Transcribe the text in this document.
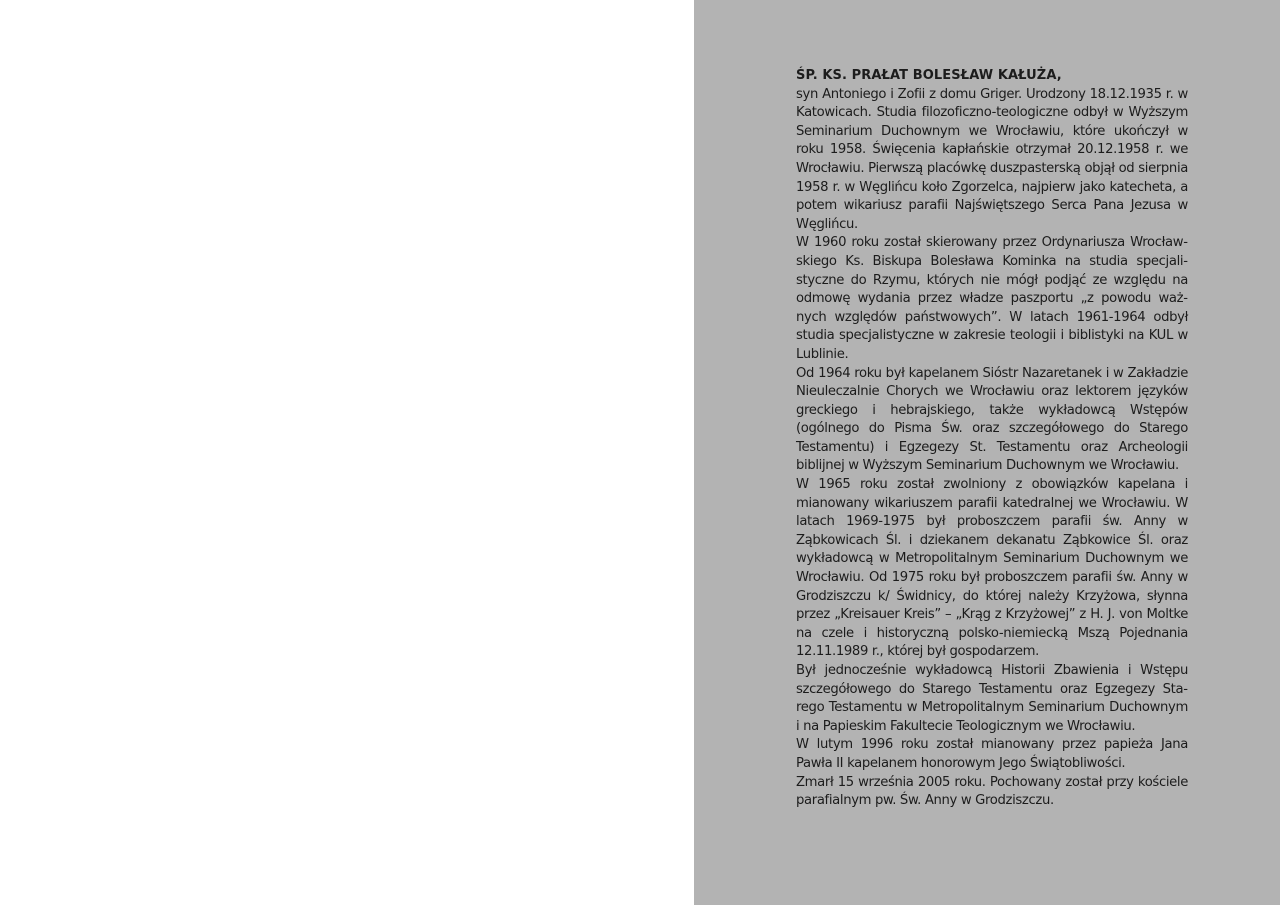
ŚP. KS. PRAŁAT BOLESŁAW KAŁUŻA,

syn Antoniego i Zofii z domu Griger. Urodzony 18.12.1935 r. w Katowicach. Studia filozoficzno-teologiczne odbył w Wyższym Seminarium Duchownym we Wrocławiu, które ukończył w roku 1958. Święcenia kapłańskie otrzymał 20.12.1958 r. we Wrocławiu. Pierwszą placówkę duszpasterską objął od sierpnia 1958 r. w Węglińcu koło Zgorzelca, najpierw jako katecheta, a potem wikariusz parafii Najświętszego Serca Pana Jezusa w Węglińcu.

W 1960 roku został skierowany przez Ordynariusza Wrocławskiego Ks. Biskupa Bolesława Kominka na studia specjalistyczne do Rzymu, których nie mógł podjąć ze względu na odmowę wydania przez władze paszportu „z powodu ważnych względów państwowych”. W latach 1961-1964 odbył studia specjalistyczne w zakresie teologii i biblistyki na KUL w Lublinie.

Od 1964 roku był kapelanem Sióstr Nazaretanek i w Zakładzie Nieuleczalnie Chorych we Wrocławiu oraz lektorem języków greckiego i hebrajskiego, także wykładowcą Wstępów (ogólnego do Pisma Św. oraz szczegółowego do Starego Testamentu) i Egzegezy St. Testamentu oraz Archeologii biblijnej w Wyższym Seminarium Duchownym we Wrocławiu.

W 1965 roku został zwolniony z obowiązków kapelana i mianowany wikariuszem parafii katedralnej we Wrocławiu. W latach 1969-1975 był proboszczem parafii św. Anny w Ząbkowicach Śl. i dziekanem dekanatu Ząbkowice Śl. oraz wykładowcą w Metropolitalnym Seminarium Duchownym we Wrocławiu. Od 1975 roku był proboszczem parafii św. Anny w Grodziszczu k/ Świdnicy, do której należy Krzyżowa, słynna przez „Kreisauer Kreis” – „Krąg z Krzyżowej” z H. J. von Moltke na czele i historyczną polsko-niemiecką Mszą Pojednania 12.11.1989 r., której był gospodarzem.

Był jednocześnie wykładowcą Historii Zbawienia i Wstępu szczegółowego do Starego Testamentu oraz Egzegezy Starego Testamentu w Metropolitalnym Seminarium Duchownym i na Papieskim Fakultecie Teologicznym we Wrocławiu.

W lutym 1996 roku został mianowany przez papieża Jana Pawła II kapelanem honorowym Jego Świątobliwości.

Zmarł 15 września 2005 roku. Pochowany został przy kościele parafialnym pw. Św. Anny w Grodziszczu.
